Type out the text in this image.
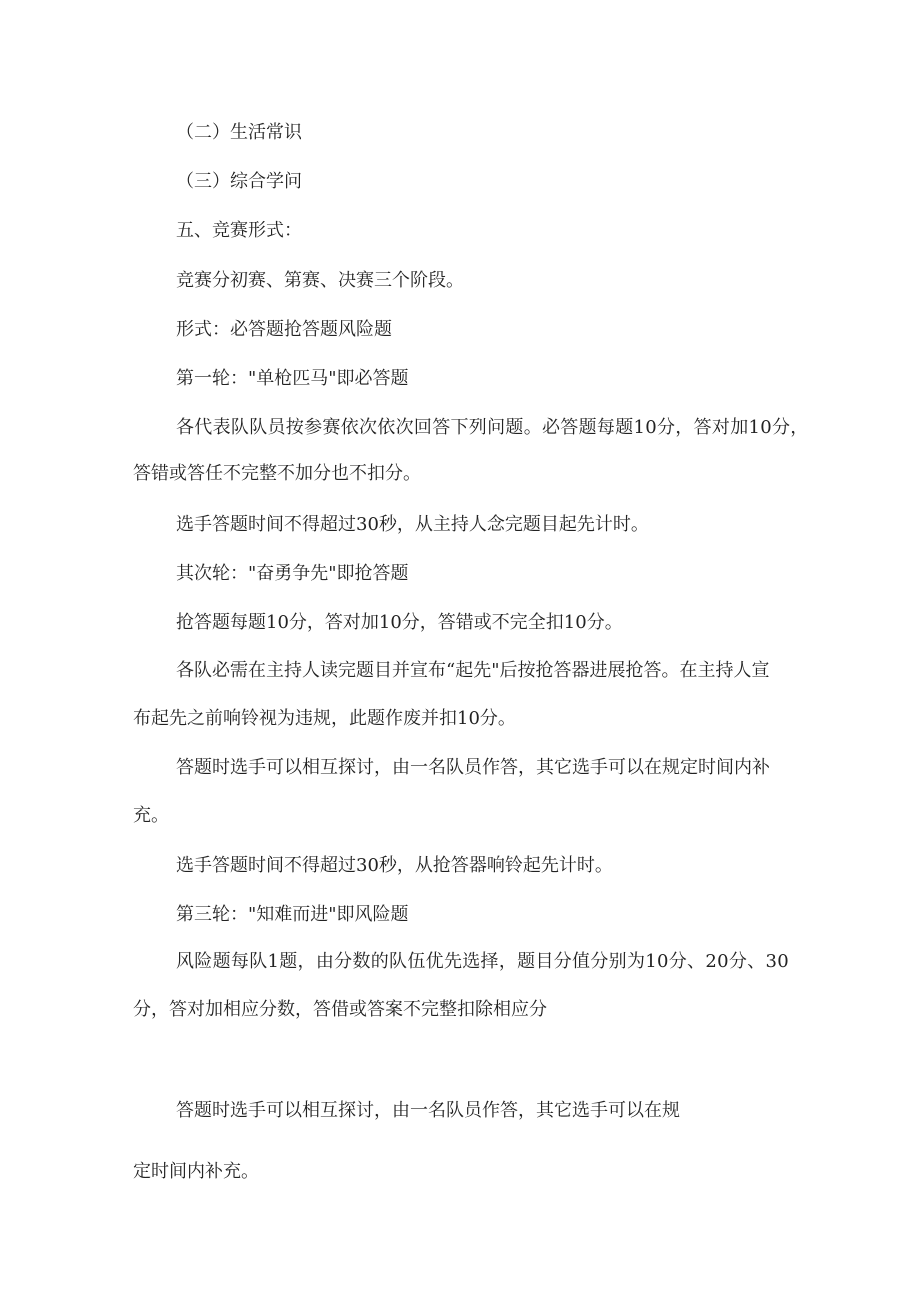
（二）生活常识
（三）综合学问
五、竞赛形式：
竞赛分初赛、第赛、决赛三个阶段。
形式：必答题抢答题风险题
第一轮："单枪匹马"即必答题
各代表队队员按参赛依次依次回答下列问题。必答题每题10分，答对加10分，
答错或答任不完整不加分也不扣分。
选手答题时间不得超过30秒，从主持人念完题目起先计时。
其次轮："奋勇争先"即抢答题
抢答题每题10分，答对加10分，答错或不完全扣10分。
各队必需在主持人读完题目并宣布“起先"后按抢答器进展抢答。在主持人宣
布起先之前响铃视为违规，此题作废并扣10分。
答题时选手可以相互探讨，由一名队员作答，其它选手可以在规定时间内补
充。
选手答题时间不得超过30秒，从抢答器响铃起先计时。
第三轮："知难而进"即风险题
风险题每队1题，由分数的队伍优先选择，题目分值分别为10分、20分、30
分，答对加相应分数，答借或答案不完整扣除相应分
答题时选手可以相互探讨，由一名队员作答，其它选手可以在规
定时间内补充。
